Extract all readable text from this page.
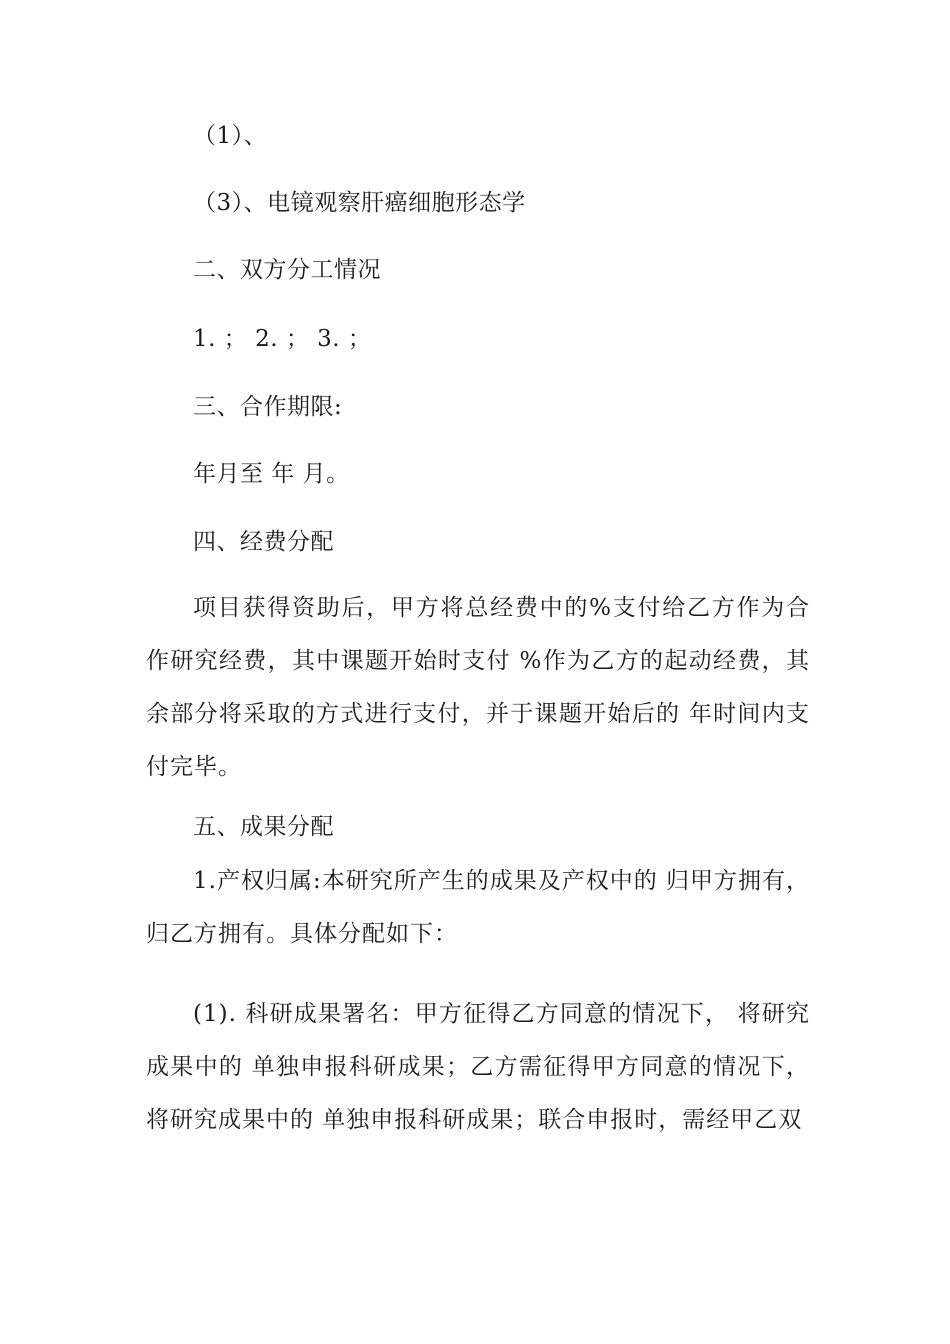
（1）、
（3）、电镜观察肝癌细胞形态学
二、双方分工情况
1. ； 2. ； 3. ；
三、合作期限:
年月至 年 月。
四、经费分配
项目获得资助后，甲方将总经费中的%支付给乙方作为合作研究经费，其中课题开始时支付 %作为乙方的起动经费，其余部分将采取的方式进行支付，并于课题开始后的 年时间内支付完毕。
五、成果分配
1.产权归属:本研究所产生的成果及产权中的 归甲方拥有，归乙方拥有。具体分配如下：
(1). 科研成果署名：甲方征得乙方同意的情况下， 将研究成果中的 单独申报科研成果；乙方需征得甲方同意的情况下，将研究成果中的 单独申报科研成果；联合申报时，需经甲乙双
